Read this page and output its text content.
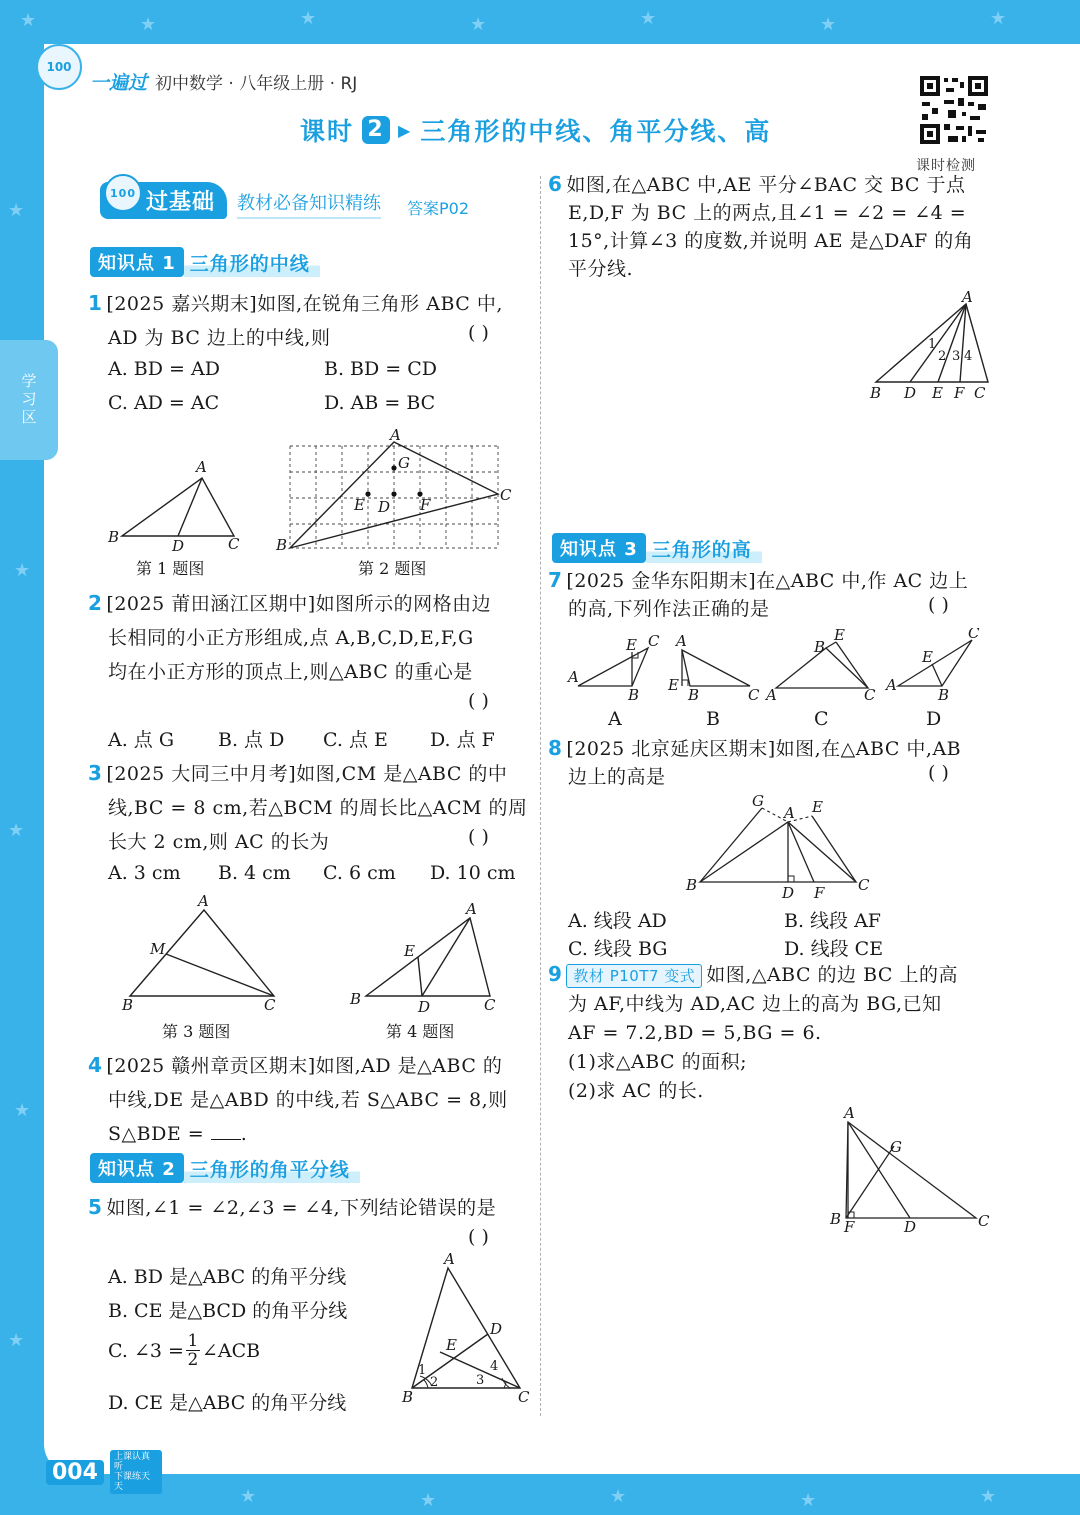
★	★	★	★	★	★	★
★
★
★
★
★
★	★	★	★	★
学习区
100
一遍过 初中数学 · 八年级上册 · RJ
课时 2 ▶ 三角形的中线、角平分线、高
课时检测
100 过基础	教材必备知识精练 答案P02
知识点 1 三角形的中线
1 [2025 嘉兴期末]如图,在锐角三角形 ABC 中,
AD 为 BC 边上的中线,则	( )
A. BD = AD	B. BD = CD
C. AD = AC	D. AB = BC
A
B	D	C
第 1 题图
A
G
E D F
C
B
第 2 题图
2 [2025 莆田涵江区期中]如图所示的网格由边
长相同的小正方形组成,点 A,B,C,D,E,F,G
均在小正方形的顶点上,则△ABC 的重心是
( )
A. 点 G B. 点 D C. 点 E D. 点 F
3 [2025 大同三中月考]如图,CM 是△ABC 的中
线,BC = 8 cm,若△BCM 的周长比△ACM 的周
长大 2 cm,则 AC 的长为	( )
A. 3 cm B. 4 cm C. 6 cm D. 10 cm
A
M
B	C
第 3 题图
A
E
B	D	C
第 4 题图
4 [2025 赣州章贡区期末]如图,AD 是△ABC 的
中线,DE 是△ABD 的中线,若 S△ABC = 8,则
S△BDE = .
知识点 2 三角形的角平分线
5 如图,∠1 = ∠2,∠3 = ∠4,下列结论错误的是
( )
A. BD 是△ABC 的角平分线
B. CE 是△BCD 的角平分线
C. ∠3 = $\frac{1}{2}$ ∠ACB
D. CE 是△ABC 的角平分线
A
E
D
B	C
1
2	3
4
6 如图,在△ABC 中,AE 平分∠BAC 交 BC 于点
E,D,F 为 BC 上的两点,且∠1 = ∠2 = ∠4 =
15°,计算∠3 的度数,并说明 AE 是△DAF 的角
平分线.
A
1
2 3 4
B D E F C
知识点 3 三角形的高
7 [2025 金华东阳期末]在△ABC 中,作 AC 边上
的高,下列作法正确的是	( )
A
E C
B
A
E
B	C A
B
E
C
A
E
B
C
A	B	C	D
8 [2025 北京延庆区期末]如图,在△ABC 中,AB
边上的高是	( )
G
A E
B	D F C
A. 线段 AD	B. 线段 AF
C. 线段 BG	D. 线段 CE
9 教材 P10T7 变式 如图,△ABC 的边 BC 上的高
为 AF,中线为 AD,AC 边上的高为 BG,已知
AF = 7.2,BD = 5,BG = 6.
(1)求△ABC 的面积;
(2)求 AC 的长.
A
G
B F	D	C
004
上课认真听
下课练天天
